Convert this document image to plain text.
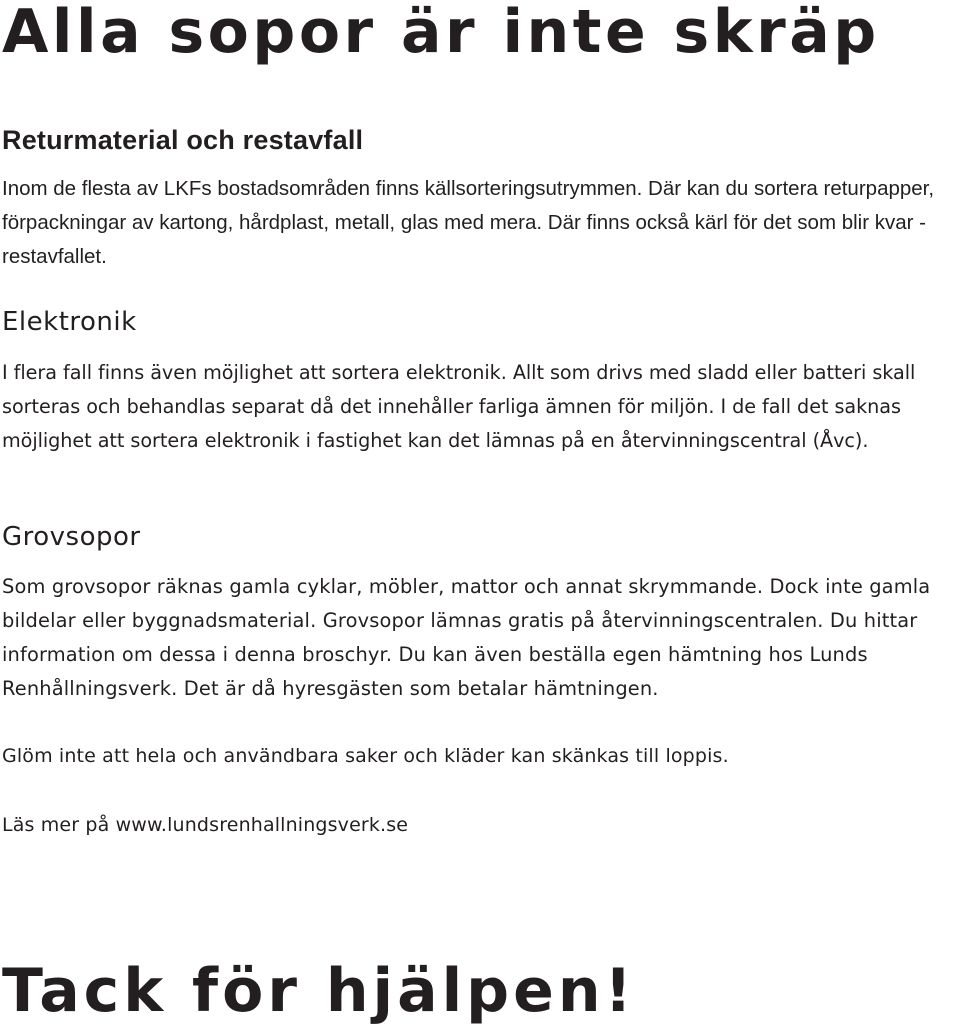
Alla sopor är inte skräp
Returmaterial och restavfall

Inom de flesta av LKFs bostadsområden finns källsorteringsutrymmen. Där kan du sortera returpapper, förpackningar av kartong, hårdplast, metall, glas med mera. Där finns också kärl för det som blir kvar - restavfallet.

Elektronik

I flera fall finns även möjlighet att sortera elektronik. Allt som drivs med sladd eller batteri skall sorteras och behandlas separat då det innehåller farliga ämnen för miljön. I de fall det saknas möjlighet att sortera elektronik i fastighet kan det lämnas på en återvinningscentral (Åvc).

Grovsopor

Som grovsopor räknas gamla cyklar, möbler, mattor och annat skrymmande. Dock inte gamla bildelar eller byggnadsmaterial. Grovsopor lämnas gratis på återvinningscentralen. Du hittar information om dessa i denna broschyr. Du kan även beställa egen hämtning hos Lunds Renhållningsverk. Det är då hyresgästen som betalar hämtningen.

Glöm inte att hela och användbara saker och kläder kan skänkas till loppis.

Läs mer på www.lundsrenhallningsverk.se

Tack för hjälpen!
